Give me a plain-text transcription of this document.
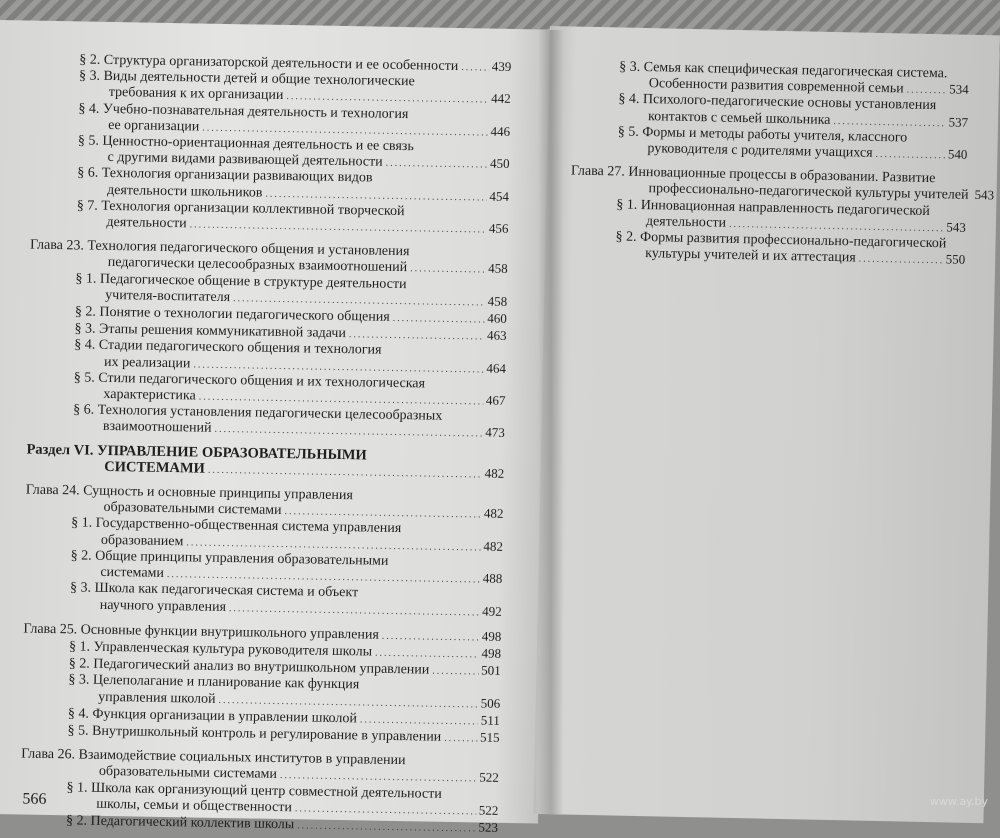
§ 2. Структура организаторской деятельности и ее особенности .....	439
§ 3. Виды деятельности детей и общие технологические
требования к их организации .....	442
§ 4. Учебно-познавательная деятельность и технология
ее организации .....	446
§ 5. Ценностно-ориентационная деятельность и ее связь
с другими видами развивающей деятельности .....	450
§ 6. Технология организации развивающих видов
деятельности школьников .....	454
§ 7. Технология организации коллективной творческой
деятельности .....	456
Глава 23. Технология педагогического общения и установления
педагогически целесообразных взаимоотношений .....	458
§ 1. Педагогическое общение в структуре деятельности
учителя-воспитателя .....	458
§ 2. Понятие о технологии педагогического общения .....	460
§ 3. Этапы решения коммуникативной задачи .....	463
§ 4. Стадии педагогического общения и технология
их реализации .....	464
§ 5. Стили педагогического общения и их технологическая
характеристика .....	467
§ 6. Технология установления педагогически целесообразных
взаимоотношений .....	473
Раздел VI. УПРАВЛЕНИЕ ОБРАЗОВАТЕЛЬНЫМИ
СИСТЕМАМИ .....	482
Глава 24. Сущность и основные принципы управления
образовательными системами .....	482
§ 1. Государственно-общественная система управления
образованием .....	482
§ 2. Общие принципы управления образовательными
системами .....	488
§ 3. Школа как педагогическая система и объект
научного управления .....	492
Глава 25. Основные функции внутришкольного управления .....	498
§ 1. Управленческая культура руководителя школы .....	498
§ 2. Педагогический анализ во внутришкольном управлении .....	501
§ 3. Целеполагание и планирование как функция
управления школой .....	506
§ 4. Функция организации в управлении школой .....	511
§ 5. Внутришкольный контроль и регулирование в управлении .....	515
Глава 26. Взаимодействие социальных институтов в управлении
образовательными системами .....	522
§ 1. Школа как организующий центр совместной деятельности
школы, семьи и общественности .....	522
§ 2. Педагогический коллектив школы .....	523
566
§ 3. Семья как специфическая педагогическая система.
Особенности развития современной семьи .....	534
§ 4. Психолого-педагогические основы установления
контактов с семьей школьника .....	537
§ 5. Формы и методы работы учителя, классного
руководителя с родителями учащихся .....	540
Глава 27. Инновационные процессы в образовании. Развитие
профессионально-педагогической культуры учителей ..... 543
§ 1. Инновационная направленность педагогической
деятельности .....	543
§ 2. Формы развития профессионально-педагогической
культуры учителей и их аттестация .....	550
www.ay.by
